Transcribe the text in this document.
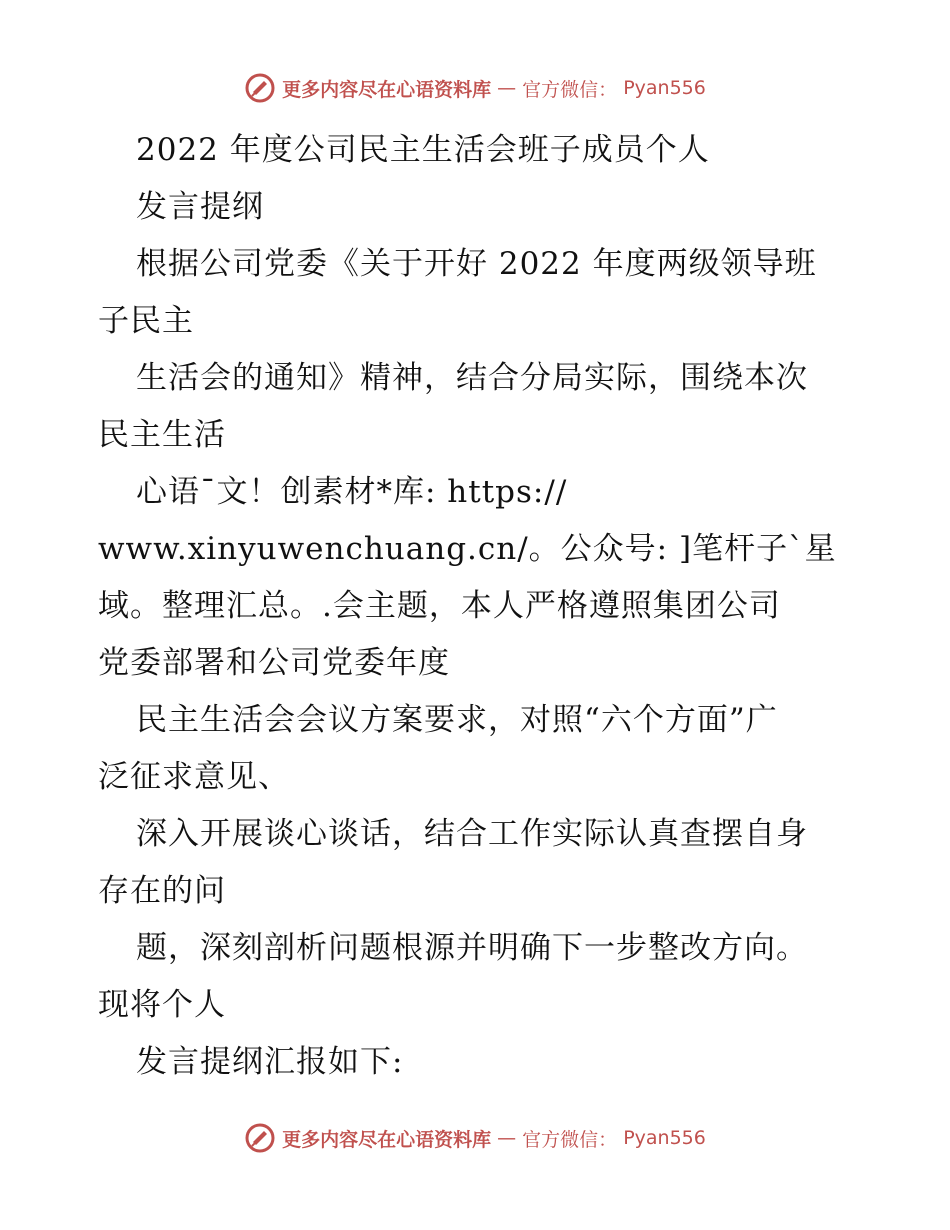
更多内容尽在心语资料库 — 官方微信： Pyan556
2022 年度公司民主生活会班子成员个人
发言提纲
根据公司党委《关于开好 2022 年度两级领导班
子民主
生活会的通知》精神，结合分局实际，围绕本次
民主生活
心语¯文！创素材*库: https://
www.xinyuwenchuang.cn/。公众号: ]笔杆子`星
域。整理汇总。.会主题，本人严格遵照集团公司
党委部署和公司党委年度
民主生活会会议方案要求，对照“六个方面”广
泛征求意见、
深入开展谈心谈话，结合工作实际认真查摆自身
存在的问
题，深刻剖析问题根源并明确下一步整改方向。
现将个人
发言提纲汇报如下:
更多内容尽在心语资料库 — 官方微信： Pyan556
